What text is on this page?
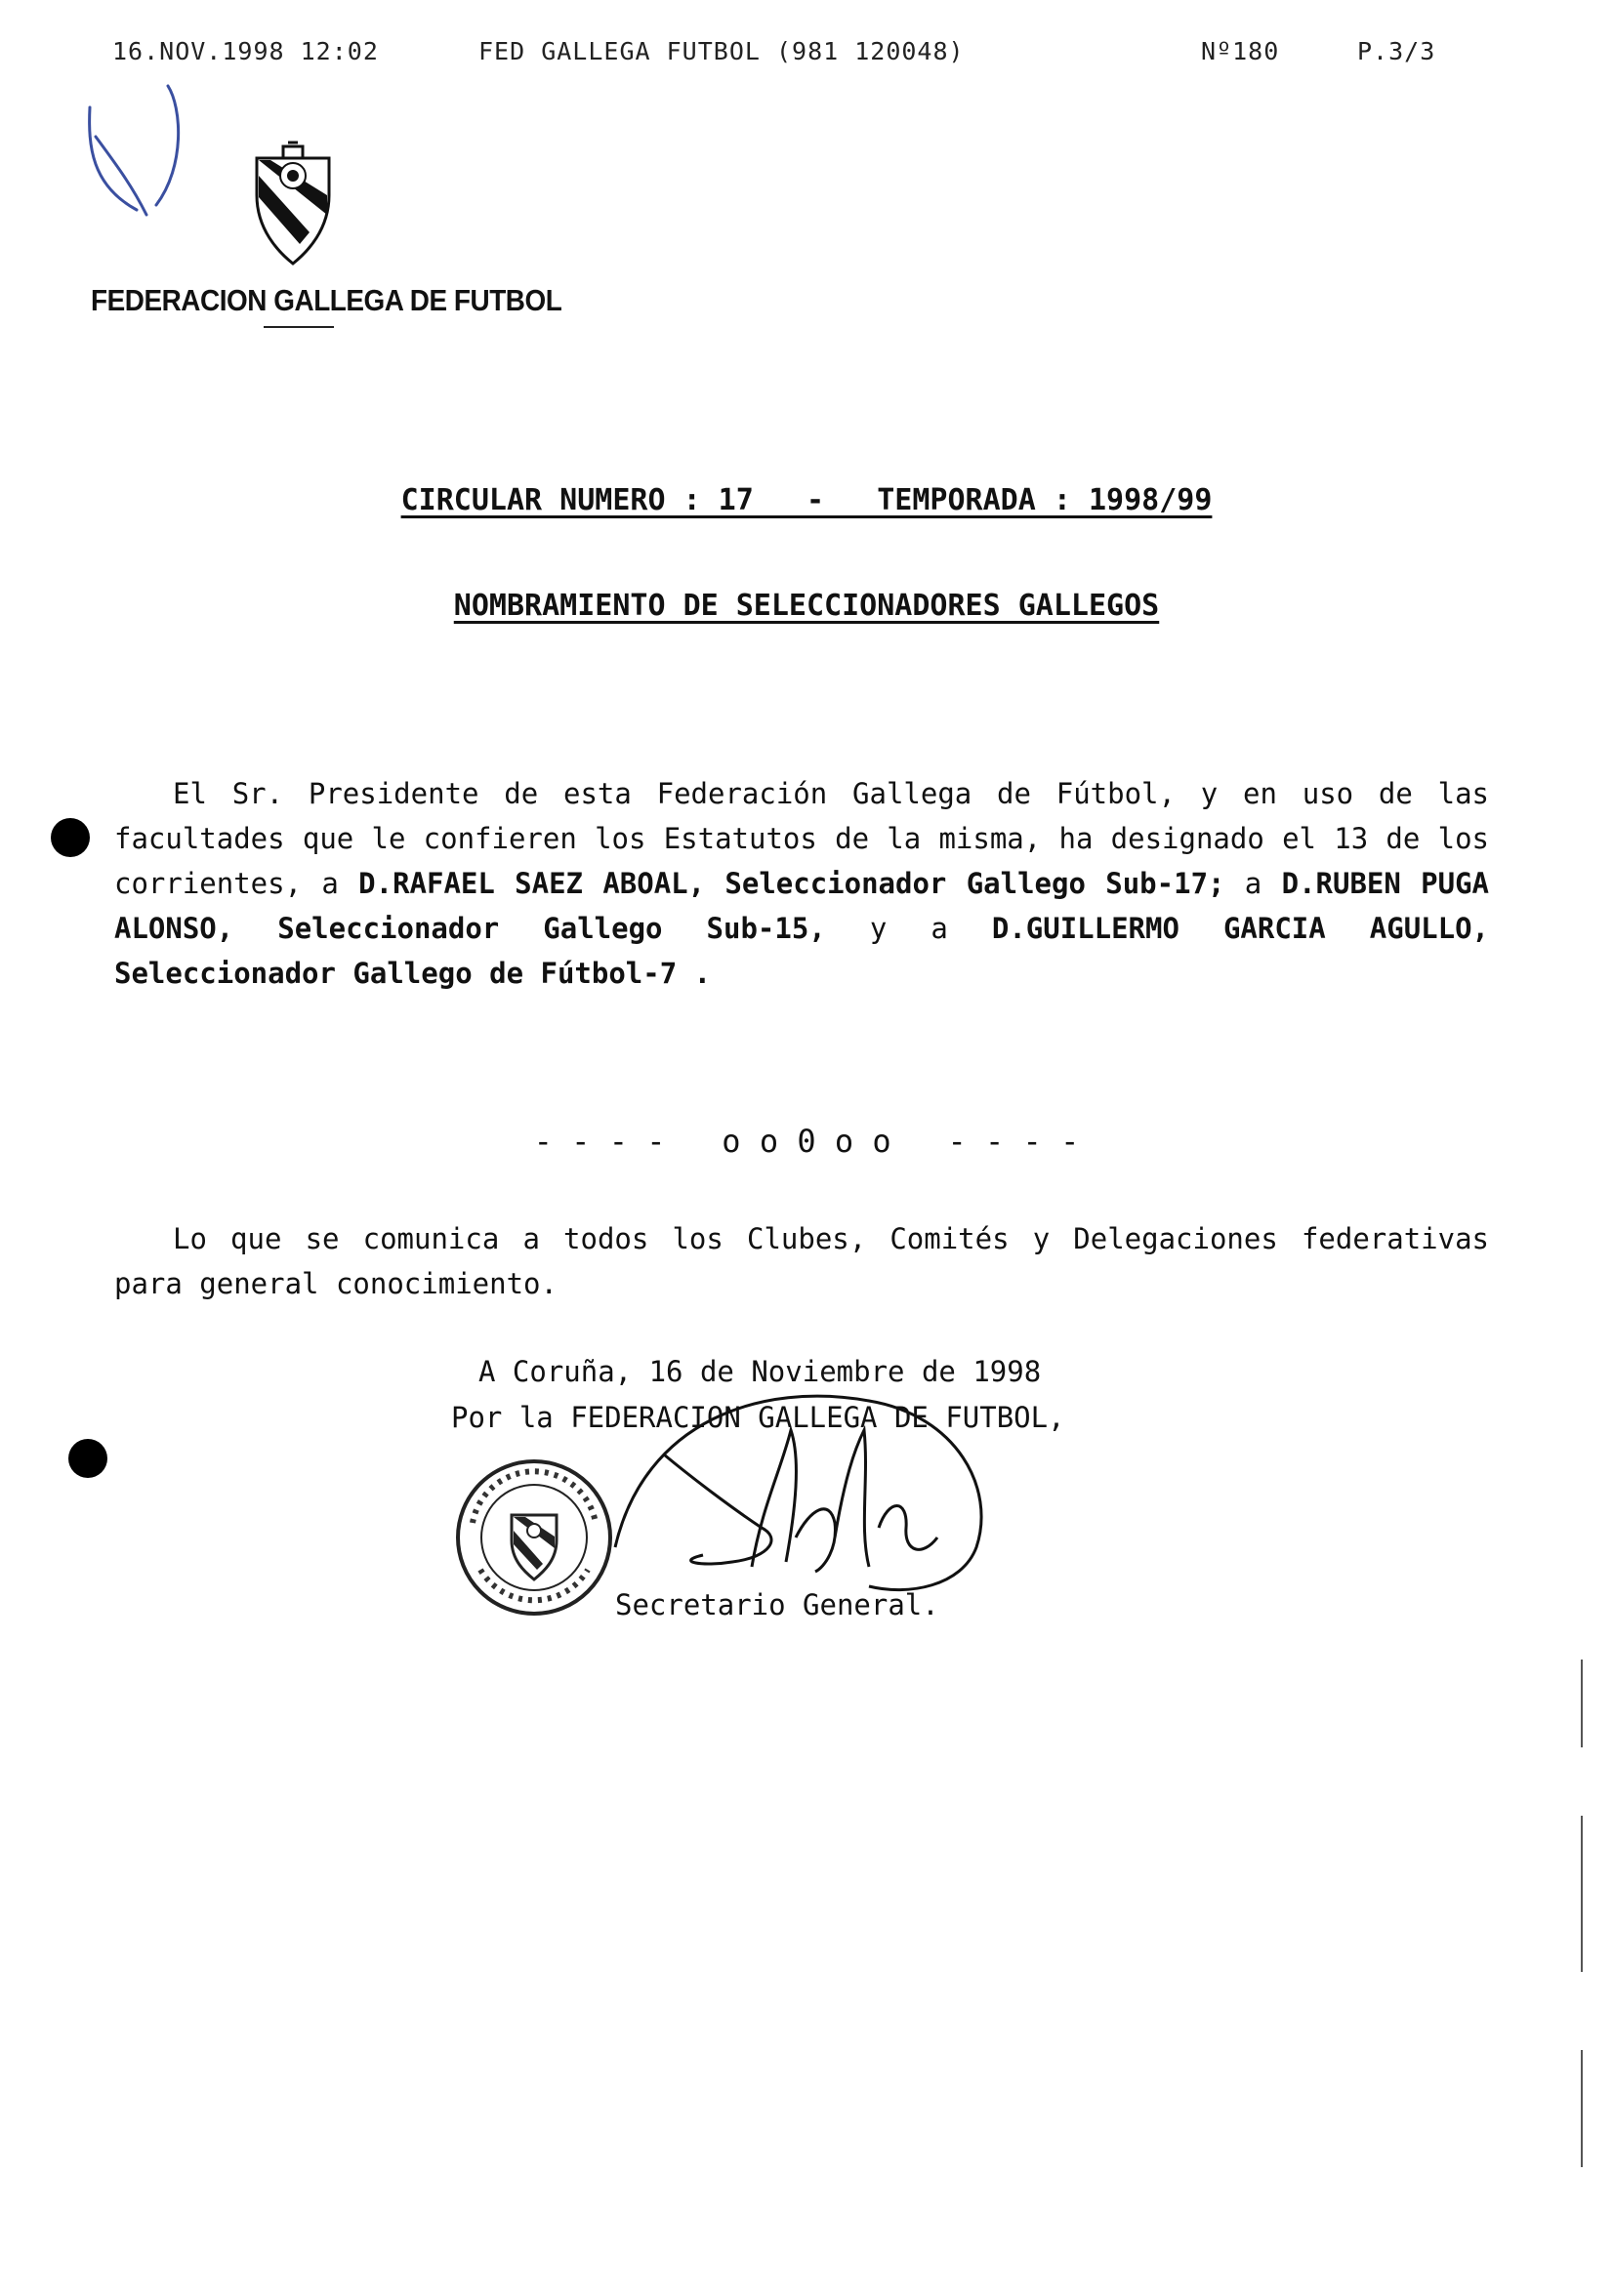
16.NOV.1998 12:02	FED GALLEGA FUTBOL (981 120048)	Nº180	P.3/3
FEDERACION GALLEGA DE FUTBOL
CIRCULAR NUMERO : 17   -   TEMPORADA : 1998/99
NOMBRAMIENTO DE SELECCIONADORES GALLEGOS

El Sr. Presidente de esta Federación Gallega de Fútbol, y en uso de las facultades que le confieren los Estatutos de la misma, ha designado el 13 de los corrientes, a D.RAFAEL SAEZ ABOAL, Seleccionador Gallego Sub-17; a D.RUBEN PUGA ALONSO, Seleccionador Gallego Sub-15, y a D.GUILLERMO GARCIA AGULLO, Seleccionador Gallego de Fútbol-7 .

- - - -   o o 0 o o   - - - -

Lo que se comunica a todos los Clubes, Comités y Delegaciones federativas para general conocimiento.

A Coruña, 16 de Noviembre de 1998
Por la FEDERACION GALLEGA DE FUTBOL,
Secretario General.
